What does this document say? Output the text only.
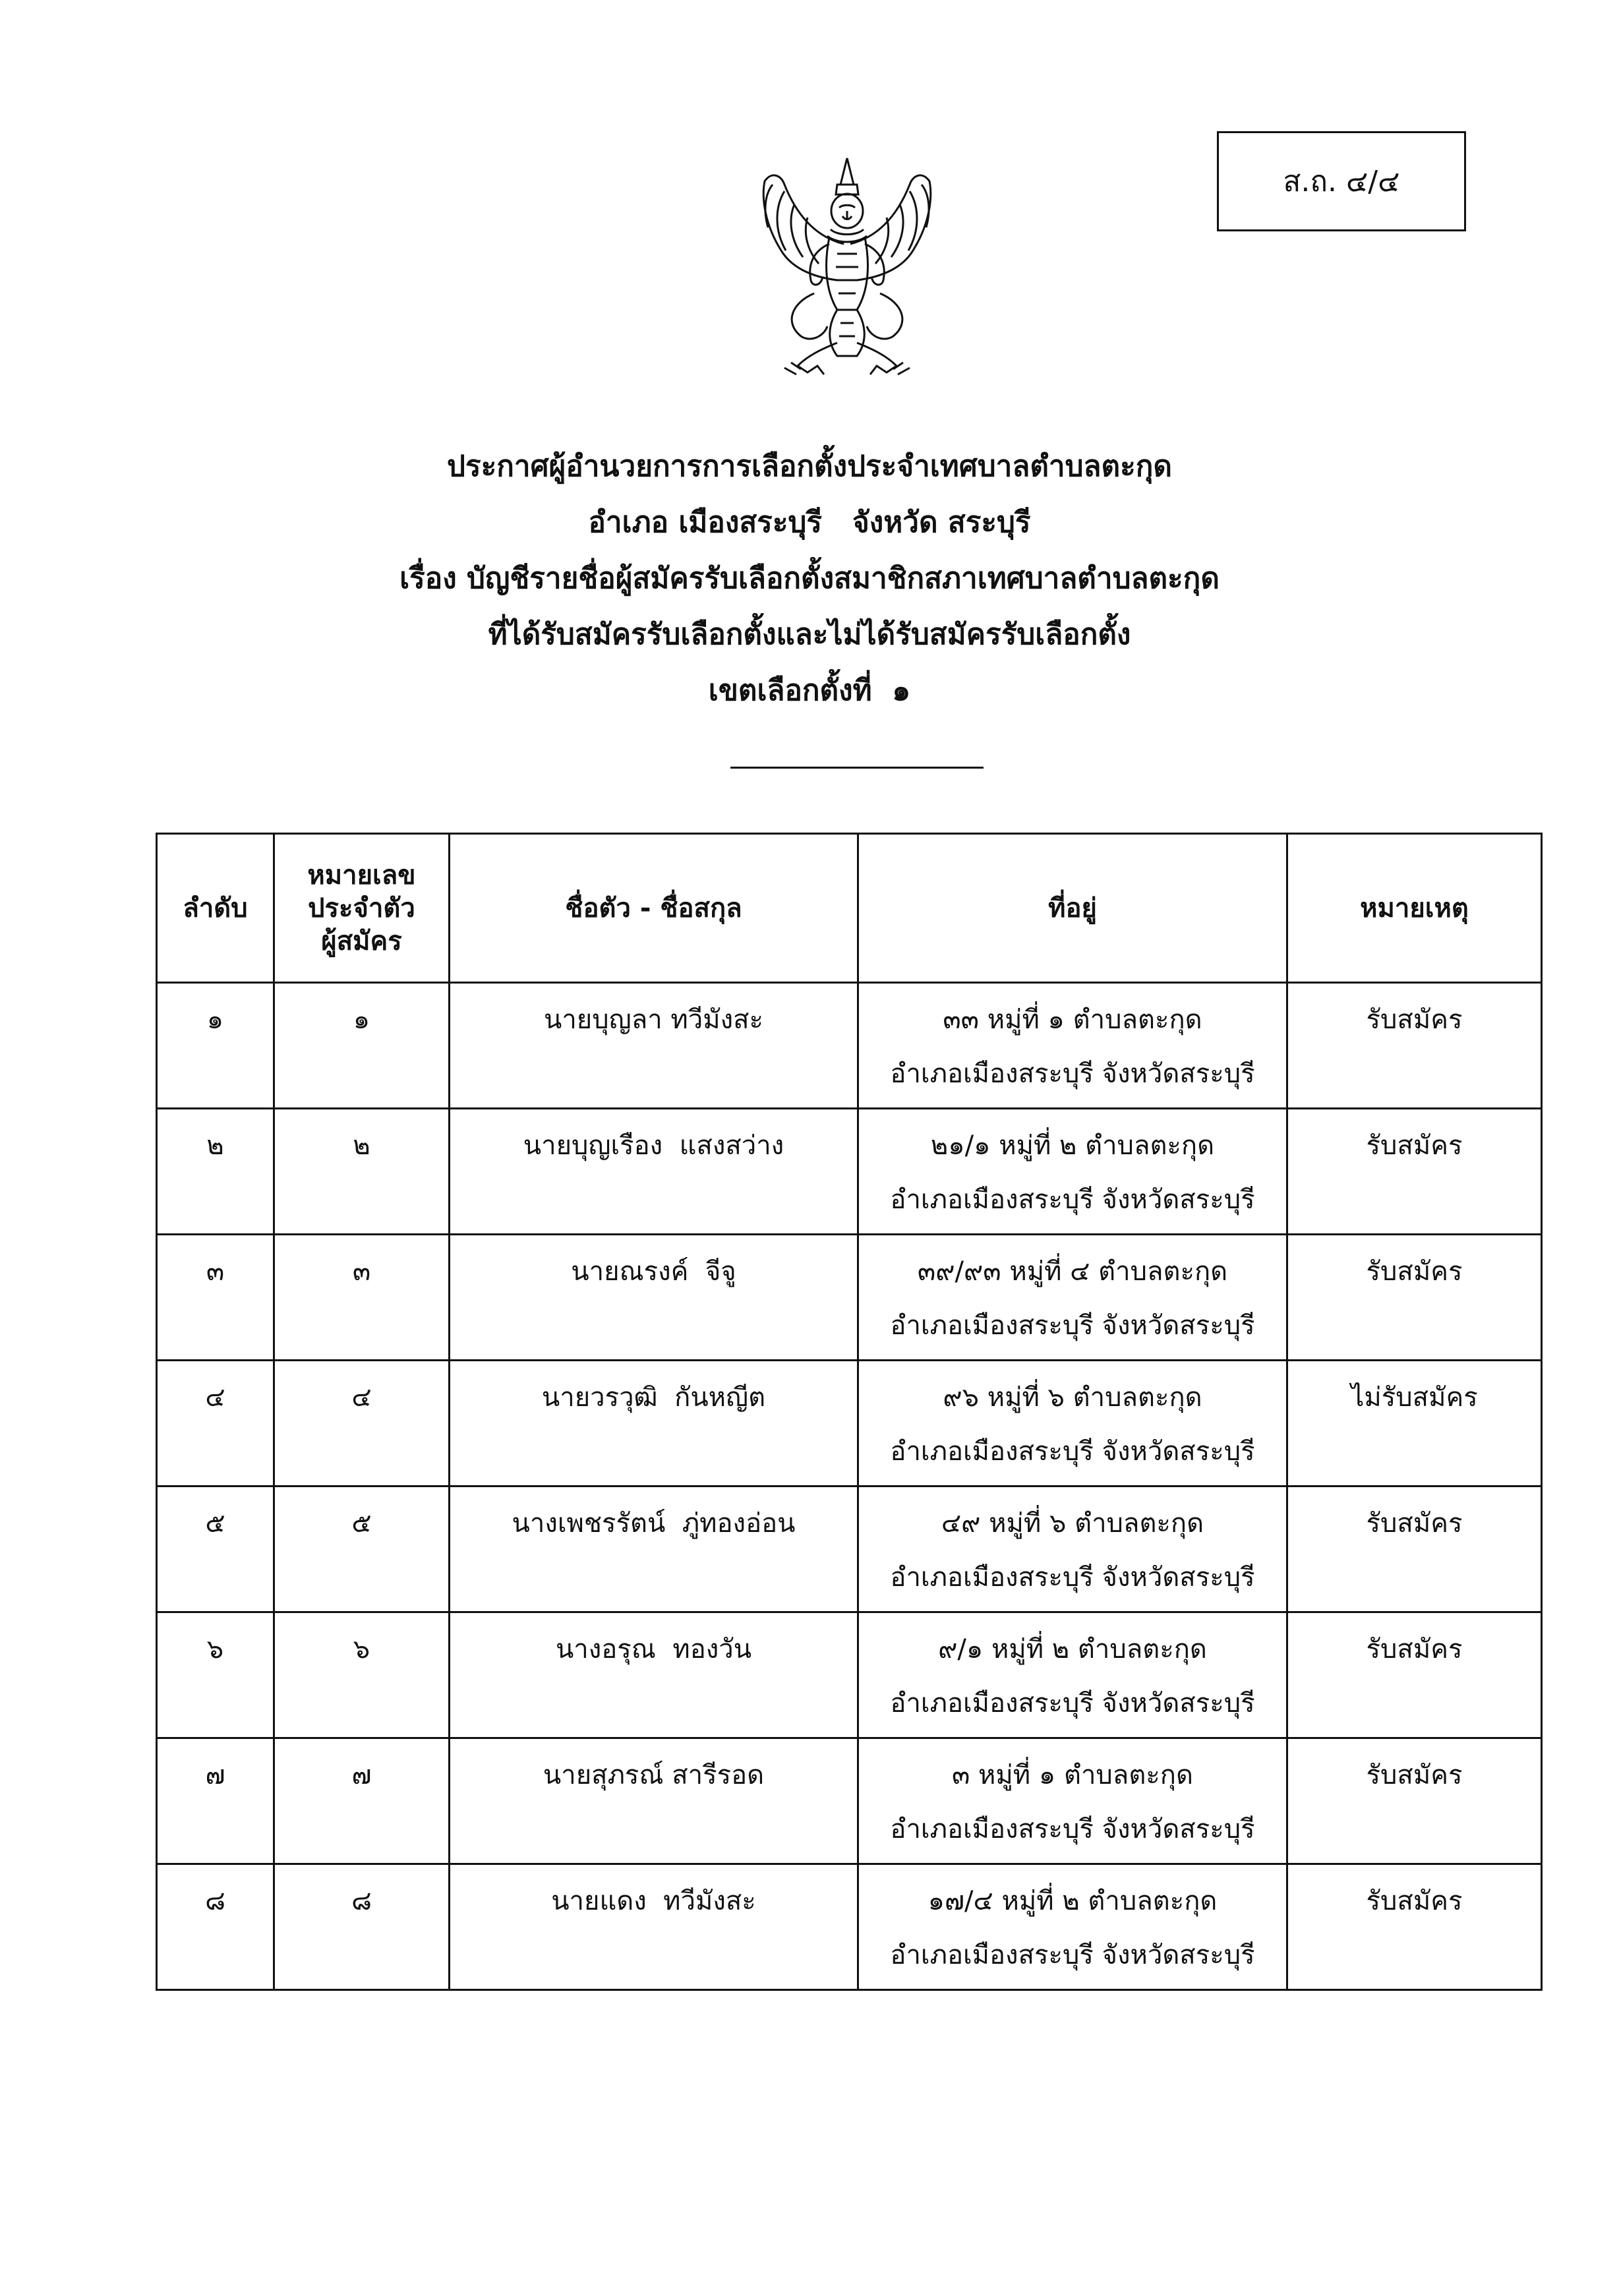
ส.ถ. ๔/๔
ประกาศผู้อำนวยการการเลือกตั้งประจำเทศบาลตำบลตะกุด
อำเภอ เมืองสระบุรี   จังหวัด สระบุรี
เรื่อง บัญชีรายชื่อผู้สมัครรับเลือกตั้งสมาชิกสภาเทศบาลตำบลตะกุด
ที่ได้รับสมัครรับเลือกตั้งและไม่ได้รับสมัครรับเลือกตั้ง
เขตเลือกตั้งที่  ๑
ลำดับ	หมายเลข
ประจำตัว
ผู้สมัคร	ชื่อตัว - ชื่อสกุล	ที่อยู่	หมายเหตุ
๑	๑	นายบุญลา ทวีมังสะ	๓๓ หมู่ที่ ๑ ตำบลตะกุด
อำเภอเมืองสระบุรี จังหวัดสระบุรี	รับสมัคร
๒	๒	นายบุญเรือง  แสงสว่าง	๒๑/๑ หมู่ที่ ๒ ตำบลตะกุด
อำเภอเมืองสระบุรี จังหวัดสระบุรี	รับสมัคร
๓	๓	นายณรงค์  จีจู	๓๙/๙๓ หมู่ที่ ๔ ตำบลตะกุด
อำเภอเมืองสระบุรี จังหวัดสระบุรี	รับสมัคร
๔	๔	นายวรวุฒิ  กันหญีต	๙๖ หมู่ที่ ๖ ตำบลตะกุด
อำเภอเมืองสระบุรี จังหวัดสระบุรี	ไม่รับสมัคร
๕	๕	นางเพชรรัตน์  ภู่ทองอ่อน	๔๙ หมู่ที่ ๖ ตำบลตะกุด
อำเภอเมืองสระบุรี จังหวัดสระบุรี	รับสมัคร
๖	๖	นางอรุณ  ทองวัน	๙/๑ หมู่ที่ ๒ ตำบลตะกุด
อำเภอเมืองสระบุรี จังหวัดสระบุรี	รับสมัคร
๗	๗	นายสุภรณ์ สารีรอด	๓ หมู่ที่ ๑ ตำบลตะกุด
อำเภอเมืองสระบุรี จังหวัดสระบุรี	รับสมัคร
๘	๘	นายแดง  ทวีมังสะ	๑๗/๔ หมู่ที่ ๒ ตำบลตะกุด
อำเภอเมืองสระบุรี จังหวัดสระบุรี	รับสมัคร
